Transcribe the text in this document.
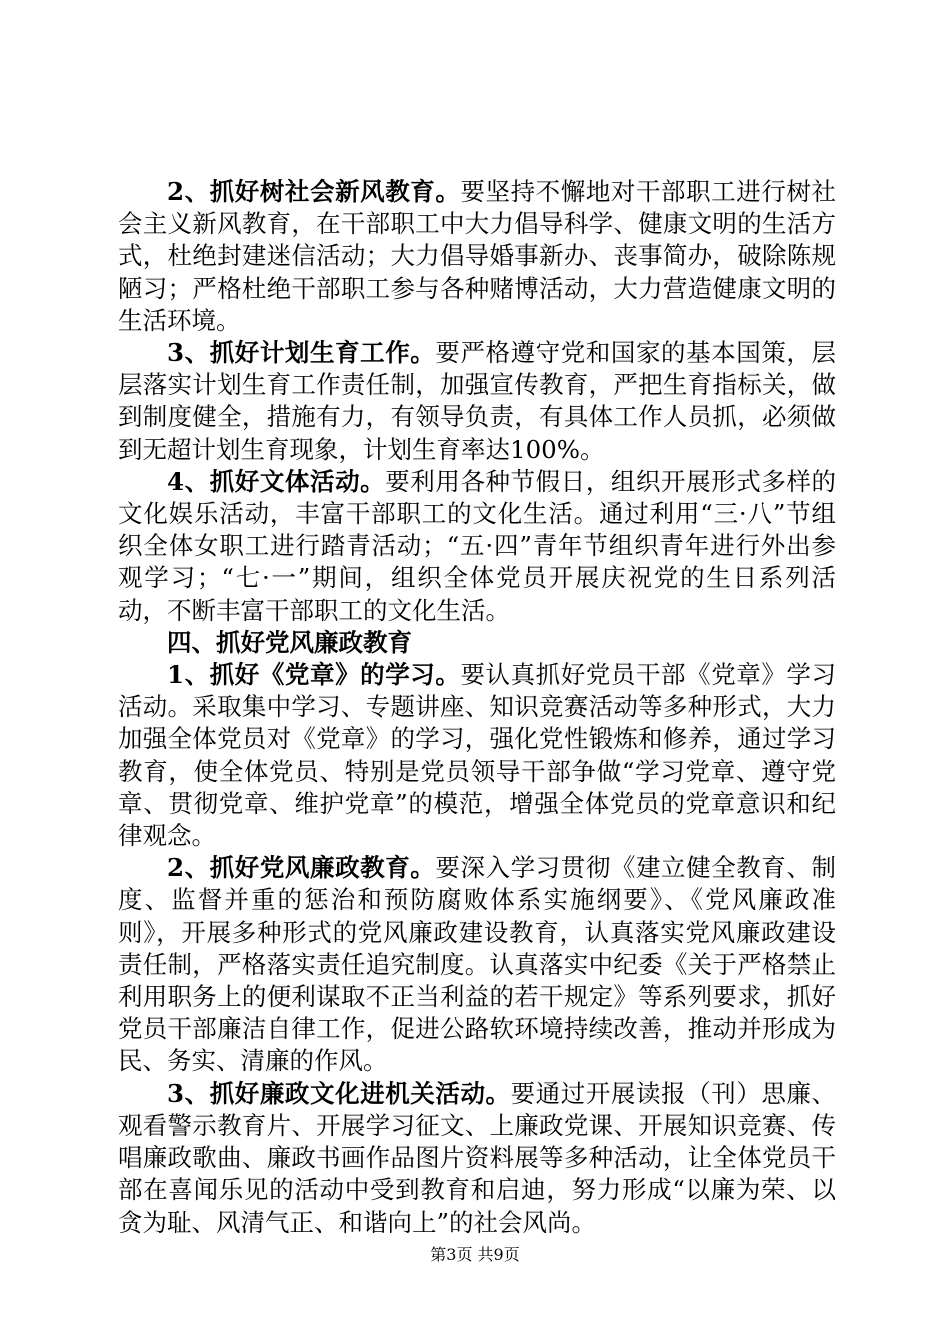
2、抓好树社会新风教育。要坚持不懈地对干部职工进行树社会主义新风教育，在干部职工中大力倡导科学、健康文明的生活方式，杜绝封建迷信活动；大力倡导婚事新办、丧事简办，破除陈规陋习；严格杜绝干部职工参与各种赌博活动，大力营造健康文明的生活环境。

3、抓好计划生育工作。要严格遵守党和国家的基本国策，层层落实计划生育工作责任制，加强宣传教育，严把生育指标关，做到制度健全，措施有力，有领导负责，有具体工作人员抓，必须做到无超计划生育现象，计划生育率达100%。

4、抓好文体活动。要利用各种节假日，组织开展形式多样的文化娱乐活动，丰富干部职工的文化生活。通过利用“三·八”节组织全体女职工进行踏青活动；“五·四”青年节组织青年进行外出参观学习；“七·一”期间，组织全体党员开展庆祝党的生日系列活动，不断丰富干部职工的文化生活。

四、抓好党风廉政教育

1、抓好《党章》的学习。要认真抓好党员干部《党章》学习活动。采取集中学习、专题讲座、知识竞赛活动等多种形式，大力加强全体党员对《党章》的学习，强化党性锻炼和修养，通过学习教育，使全体党员、特别是党员领导干部争做“学习党章、遵守党章、贯彻党章、维护党章”的模范，增强全体党员的党章意识和纪律观念。

2、抓好党风廉政教育。要深入学习贯彻《建立健全教育、制度、监督并重的惩治和预防腐败体系实施纲要》、《党风廉政准则》，开展多种形式的党风廉政建设教育，认真落实党风廉政建设责任制，严格落实责任追究制度。认真落实中纪委《关于严格禁止利用职务上的便利谋取不正当利益的若干规定》等系列要求，抓好党员干部廉洁自律工作，促进公路软环境持续改善，推动并形成为民、务实、清廉的作风。

3、抓好廉政文化进机关活动。要通过开展读报（刊）思廉、观看警示教育片、开展学习征文、上廉政党课、开展知识竞赛、传唱廉政歌曲、廉政书画作品图片资料展等多种活动，让全体党员干部在喜闻乐见的活动中受到教育和启迪，努力形成“以廉为荣、以贪为耻、风清气正、和谐向上”的社会风尚。

第3页 共9页
